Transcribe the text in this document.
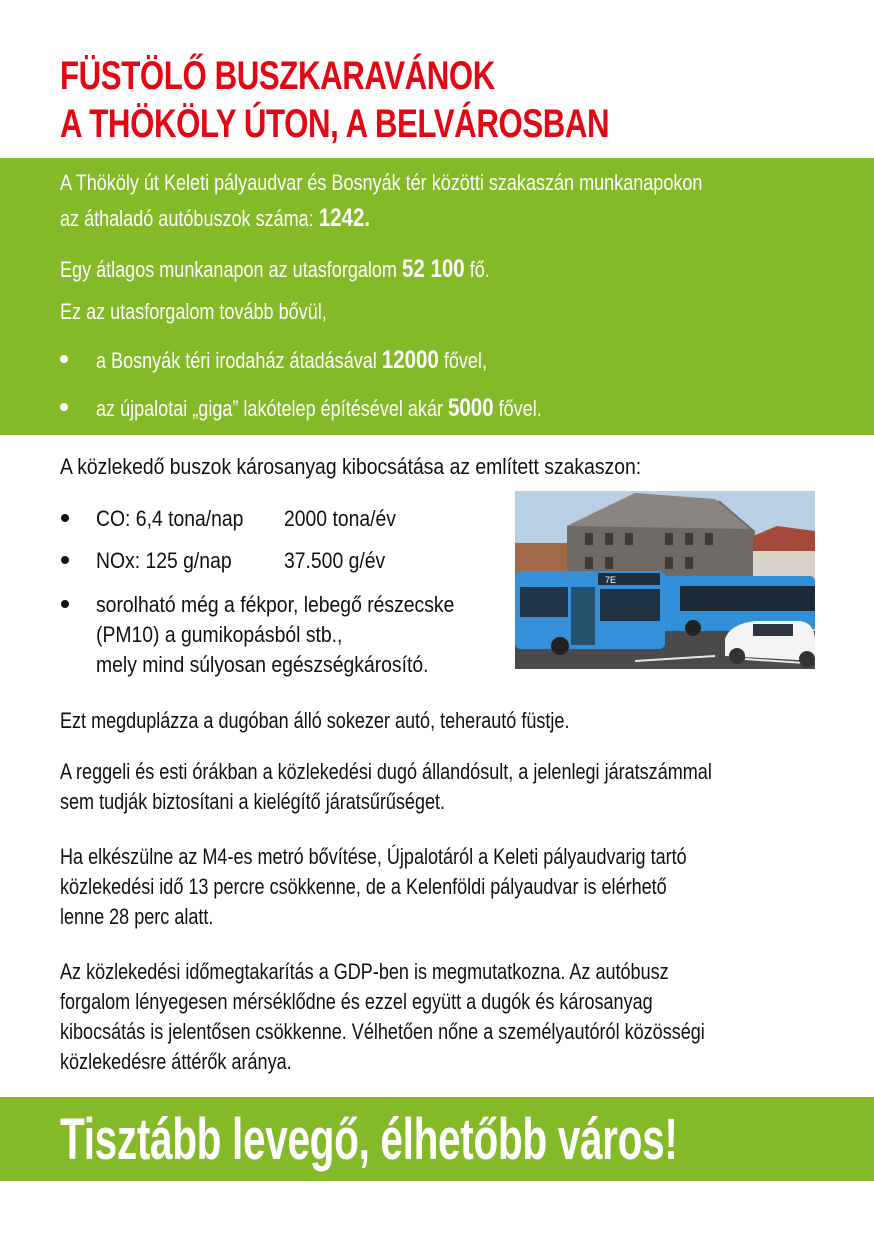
FÜSTÖLŐ BUSZKARAVÁNOK
A THÖKÖLY ÚTON, A BELVÁROSBAN
A Thököly út Keleti pályaudvar és Bosnyák tér közötti szakaszán munkanapokon
az áthaladó autóbuszok száma: 1242.
Egy átlagos munkanapon az utasforgalom 52 100 fő.
Ez az utasforgalom tovább bővül,
a Bosnyák téri irodaház átadásával 12000 fővel,
az újpalotai „giga” lakótelep építésével akár 5000 fővel.
A közlekedő buszok károsanyag kibocsátása az említett szakaszon:
CO: 6,4 tona/nap	2000 tona/év
NOx: 125 g/nap	37.500 g/év
sorolható még a fékpor, lebegő részecske
(PM10) a gumikopásból stb.,
mely mind súlyosan egészségkárosító.
7E
Ezt megduplázza a dugóban álló sokezer autó, teherautó füstje.
A reggeli és esti órákban a közlekedési dugó állandósult, a jelenlegi járatszámmal
sem tudják biztosítani a kielégítő járatsűrűséget.
Ha elkészülne az M4-es metró bővítése, Újpalotáról a Keleti pályaudvarig tartó
közlekedési idő 13 percre csökkenne, de a Kelenföldi pályaudvar is elérhető
lenne 28 perc alatt.
Az közlekedési időmegtakarítás a GDP-ben is megmutatkozna. Az autóbusz
forgalom lényegesen mérséklődne és ezzel együtt a dugók és károsanyag
kibocsátás is jelentősen csökkenne. Vélhetően nőne a személyautóról közösségi
közlekedésre áttérők aránya.
Tisztább levegő, élhetőbb város!
